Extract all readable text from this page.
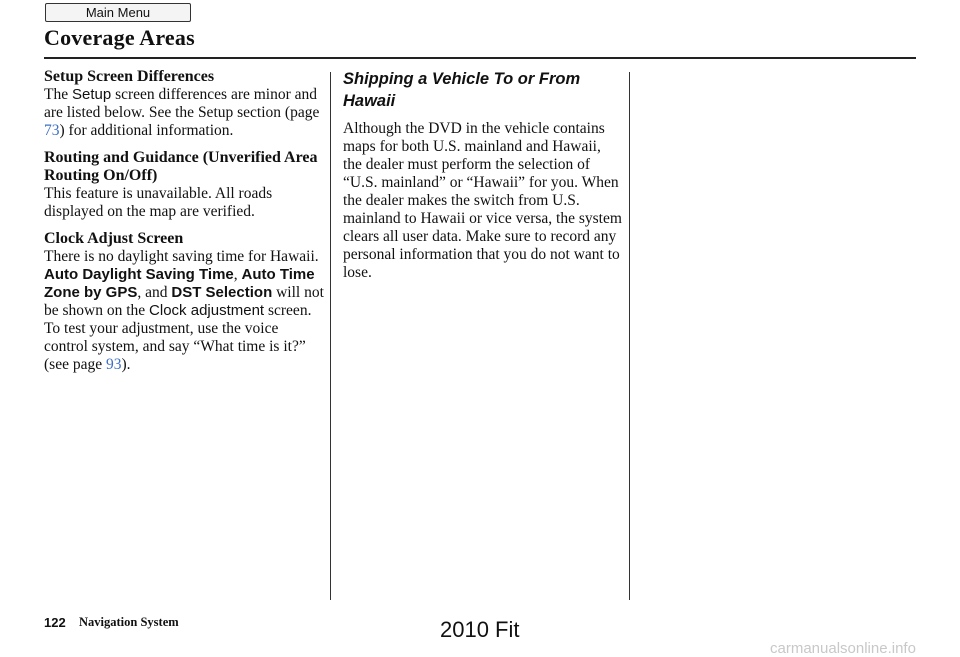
Main Menu
Coverage Areas
Setup Screen Differences

The Setup screen differences are minor and are listed below. See the Setup section (page 73) for additional information.

Routing and Guidance (Unverified Area Routing On/Off)

This feature is unavailable. All roads displayed on the map are verified.

Clock Adjust Screen

There is no daylight saving time for Hawaii. Auto Daylight Saving Time, Auto Time Zone by GPS, and DST Selection will not be shown on the Clock adjustment screen. To test your adjustment, use the voice control system, and say “What time is it?” (see page 93).

Shipping a Vehicle To or From Hawaii

Although the DVD in the vehicle contains maps for both U.S. mainland and Hawaii, the dealer must perform the selection of “U.S. mainland” or “Hawaii” for you. When the dealer makes the switch from U.S. mainland to Hawaii or vice versa, the system clears all user data. Make sure to record any personal information that you do not want to lose.

122 Navigation System	2010 Fit
carmanualsonline.info
